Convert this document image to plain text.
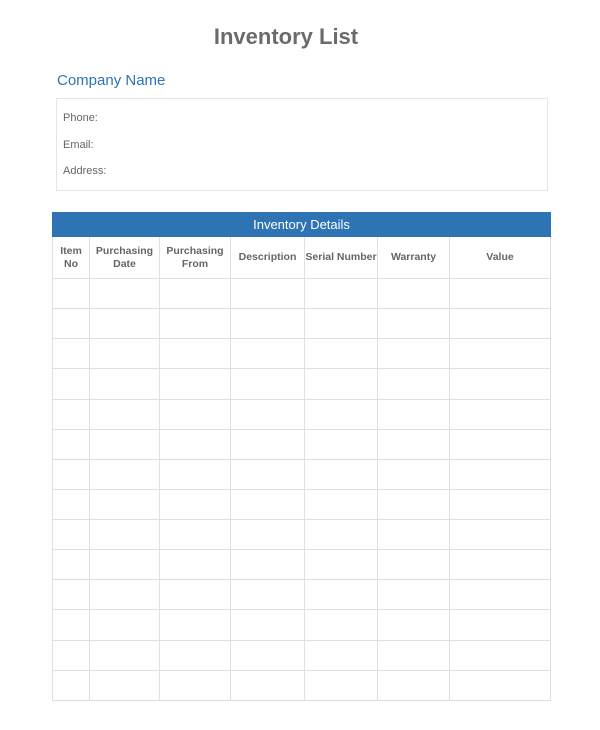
Inventory List
Company Name
Phone:
Email:
Address:
Inventory Details						
Item No	Purchasing Date	Purchasing From	Description	Serial Number	Warranty	Value
